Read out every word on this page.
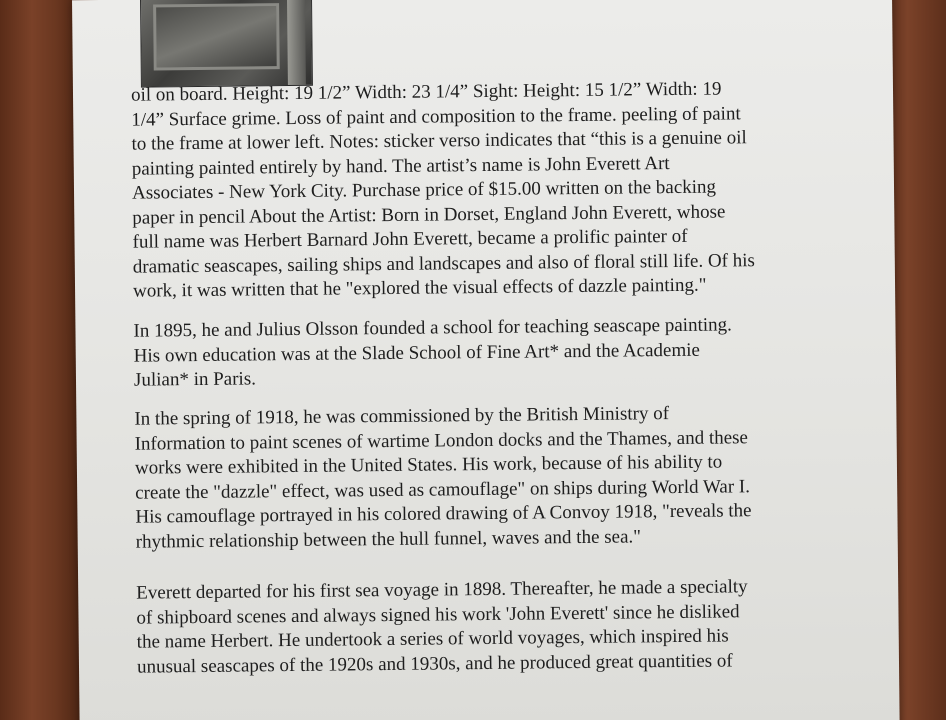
oil on board. Height: 19 1/2” Width: 23 1/4” Sight: Height: 15 1/2” Width: 19
1/4” Surface grime. Loss of paint and composition to the frame. peeling of paint
to the frame at lower left. Notes: sticker verso indicates that “this is a genuine oil
painting painted entirely by hand. The artist’s name is John Everett Art
Associates - New York City. Purchase price of $15.00 written on the backing
paper in pencil About the Artist: Born in Dorset, England John Everett, whose
full name was Herbert Barnard John Everett, became a prolific painter of
dramatic seascapes, sailing ships and landscapes and also of floral still life. Of his
work, it was written that he "explored the visual effects of dazzle painting."

In 1895, he and Julius Olsson founded a school for teaching seascape painting.
His own education was at the Slade School of Fine Art* and the Academie
Julian* in Paris.

In the spring of 1918, he was commissioned by the British Ministry of
Information to paint scenes of wartime London docks and the Thames, and these
works were exhibited in the United States. His work, because of his ability to
create the "dazzle" effect, was used as camouflage" on ships during World War I.
His camouflage portrayed in his colored drawing of A Convoy 1918, "reveals the
rhythmic relationship between the hull funnel, waves and the sea."

Everett departed for his first sea voyage in 1898. Thereafter, he made a specialty
of shipboard scenes and always signed his work 'John Everett' since he disliked
the name Herbert. He undertook a series of world voyages, which inspired his
unusual seascapes of the 1920s and 1930s, and he produced great quantities of
